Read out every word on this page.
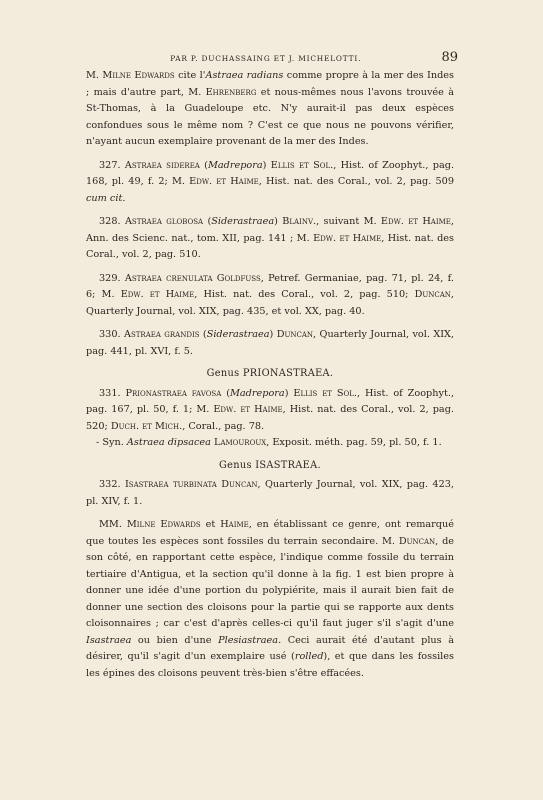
PAR P. DUCHASSAING ET J. MICHELOTTI.	89

M. Milne Edwards cite l'Astraea radians comme propre à la mer des Indes ; mais d'autre part, M. Ehrenberg et nous-mêmes nous l'avons trouvée à St-Thomas, à la Guadeloupe etc. N'y aurait-il pas deux espèces confondues sous le même nom ? C'est ce que nous ne pouvons vérifier, n'ayant aucun exemplaire provenant de la mer des Indes.

327. Astraea siderea (Madrepora) Ellis et Sol., Hist. of Zoophyt., pag. 168, pl. 49, f. 2; M. Edw. et Haime, Hist. nat. des Coral., vol. 2, pag. 509 cum cit.

328. Astraea globosa (Siderastraea) Blainv., suivant M. Edw. et Haime, Ann. des Scienc. nat., tom. XII, pag. 141 ; M. Edw. et Haime, Hist. nat. des Coral., vol. 2, pag. 510.

329. Astraea crenulata Goldfuss, Petref. Germaniae, pag. 71, pl. 24, f. 6; M. Edw. et Haime, Hist. nat. des Coral., vol. 2, pag. 510; Duncan, Quarterly Journal, vol. XIX, pag. 435, et vol. XX, pag. 40.

330. Astraea grandis (Siderastraea) Duncan, Quarterly Journal, vol. XIX, pag. 441, pl. XVI, f. 5.

Genus PRIONASTRAEA.

331. Prionastraea favosa (Madrepora) Ellis et Sol., Hist. of Zoophyt., pag. 167, pl. 50, f. 1; M. Edw. et Haime, Hist. nat. des Coral., vol. 2, pag. 520; Duch. et Mich., Coral., pag. 78.

- Syn. Astraea dipsacea Lamouroux, Exposit. méth. pag. 59, pl. 50, f. 1.

Genus ISASTRAEA.

332. Isastraea turbinata Duncan, Quarterly Journal, vol. XIX, pag. 423, pl. XIV, f. 1.

MM. Milne Edwards et Haime, en établissant ce genre, ont remarqué que toutes les espèces sont fossiles du terrain secondaire. M. Duncan, de son côté, en rapportant cette espèce, l'indique comme fossile du terrain tertiaire d'Antigua, et la section qu'il donne à la fig. 1 est bien propre à donner une idée d'une portion du polypiérite, mais il aurait bien fait de donner une section des cloisons pour la partie qui se rapporte aux dents cloisonnaires ; car c'est d'après celles-ci qu'il faut juger s'il s'agit d'une Isastraea ou bien d'une Plesiastraea. Ceci aurait été d'autant plus à désirer, qu'il s'agit d'un exemplaire usé (rolled), et que dans les fossiles les épines des cloisons peuvent très-bien s'être effacées.
